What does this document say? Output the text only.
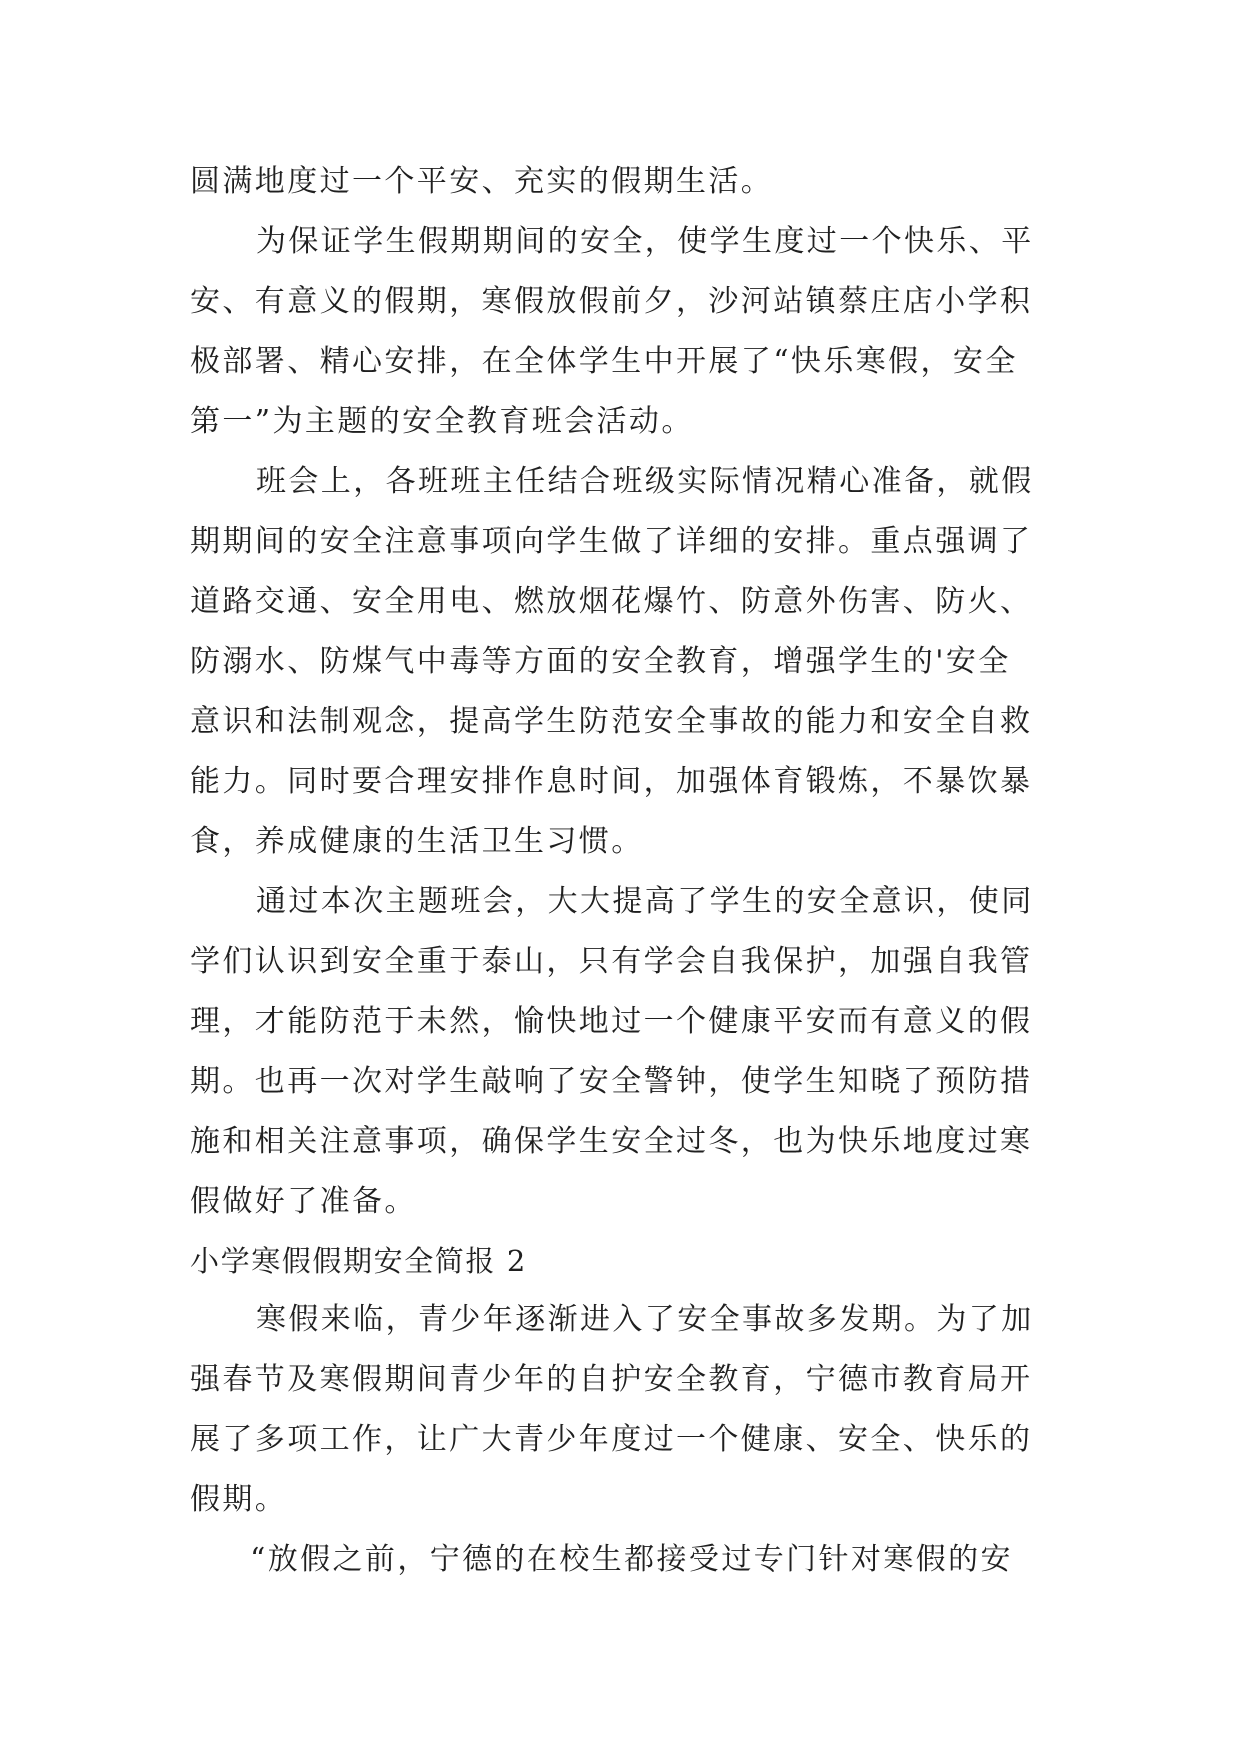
圆满地度过一个平安、充实的假期生活。
为保证学生假期期间的安全，使学生度过一个快乐、平
安、有意义的假期，寒假放假前夕，沙河站镇蔡庄店小学积
极部署、精心安排，在全体学生中开展了“快乐寒假，安全
第一”为主题的安全教育班会活动。
班会上，各班班主任结合班级实际情况精心准备，就假
期期间的安全注意事项向学生做了详细的安排。重点强调了
道路交通、安全用电、燃放烟花爆竹、防意外伤害、防火、
防溺水、防煤气中毒等方面的安全教育，增强学生的'安全
意识和法制观念，提高学生防范安全事故的能力和安全自救
能力。同时要合理安排作息时间，加强体育锻炼，不暴饮暴
食，养成健康的生活卫生习惯。
通过本次主题班会，大大提高了学生的安全意识，使同
学们认识到安全重于泰山，只有学会自我保护，加强自我管
理，才能防范于未然，愉快地过一个健康平安而有意义的假
期。也再一次对学生敲响了安全警钟，使学生知晓了预防措
施和相关注意事项，确保学生安全过冬，也为快乐地度过寒
假做好了准备。
小学寒假假期安全简报 2
寒假来临，青少年逐渐进入了安全事故多发期。为了加
强春节及寒假期间青少年的自护安全教育，宁德市教育局开
展了多项工作，让广大青少年度过一个健康、安全、快乐的
假期。
“放假之前，宁德的在校生都接受过专门针对寒假的安
